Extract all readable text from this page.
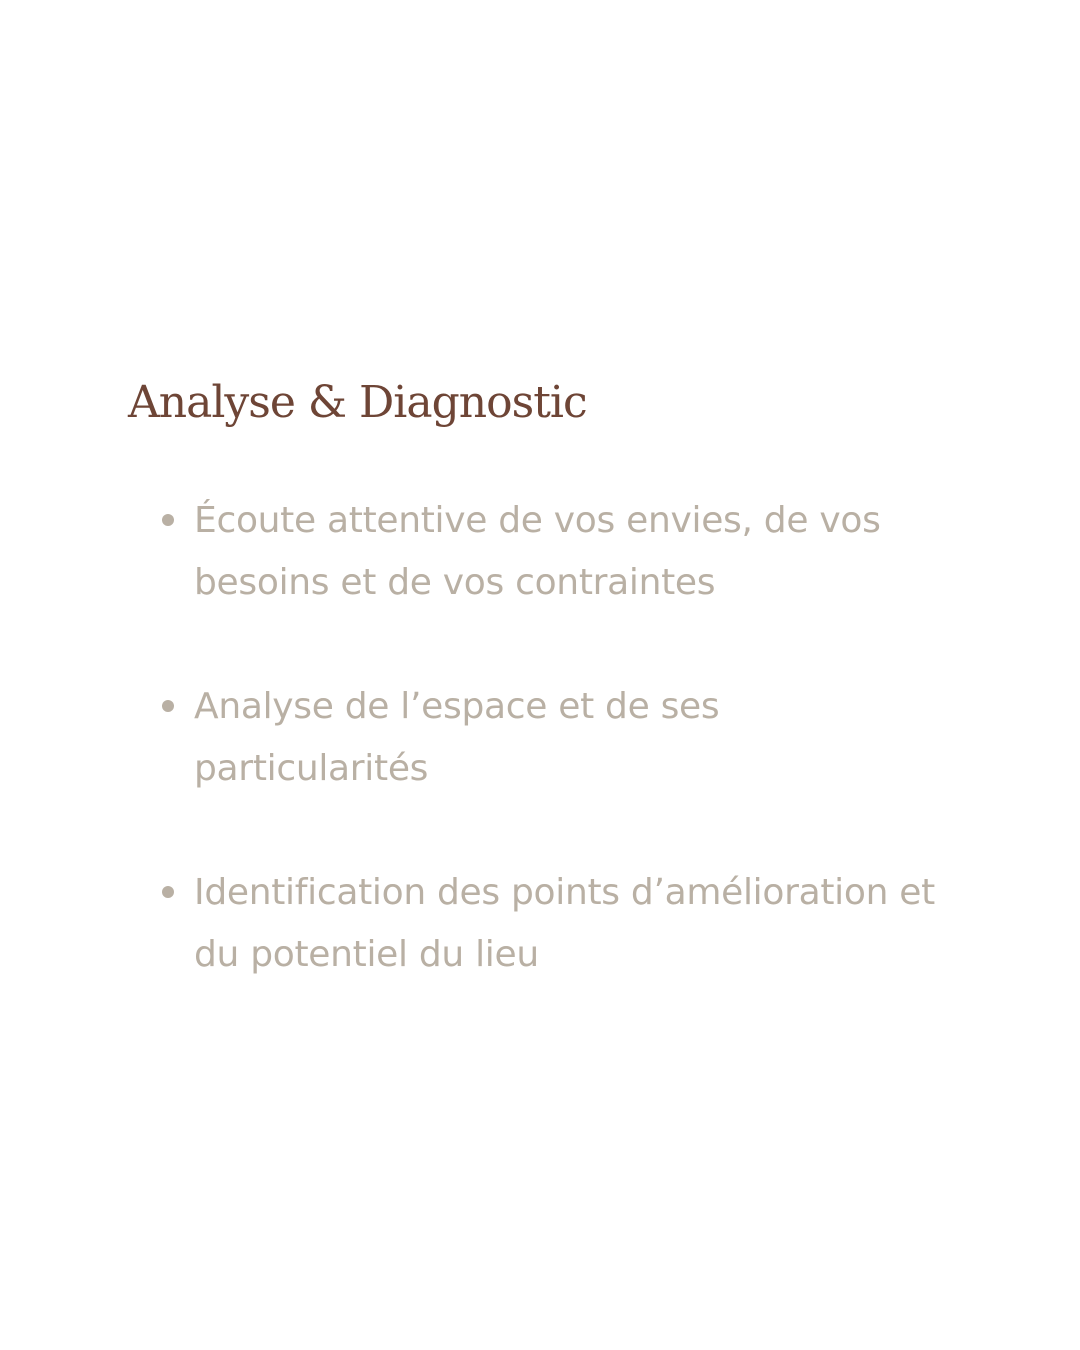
Analyse & Diagnostic
Écoute attentive de vos envies, de vos besoins et de vos contraintes
Analyse de l’espace et de ses particularités
Identification des points d’amélioration et du potentiel du lieu
